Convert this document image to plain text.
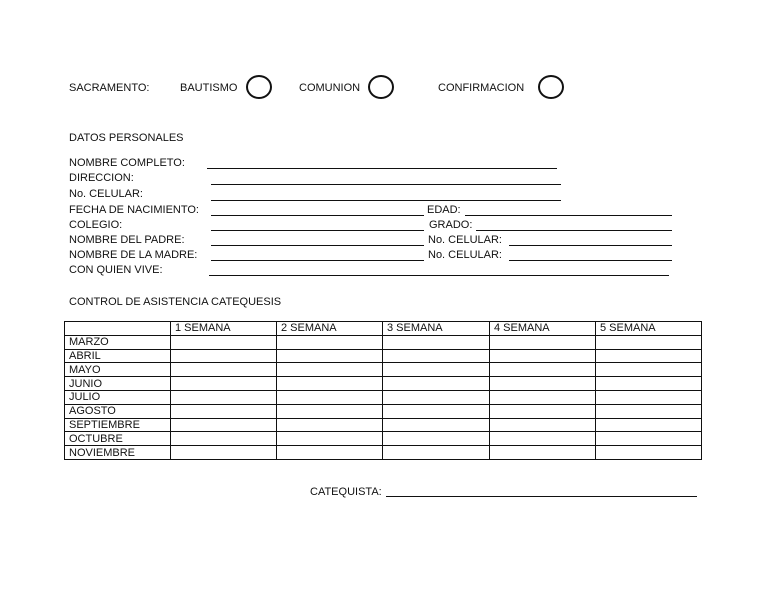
SACRAMENTO:	BAUTISMO	COMUNION	CONFIRMACION
DATOS PERSONALES
NOMBRE COMPLETO:
DIRECCION:
No. CELULAR:
FECHA DE NACIMIENTO:	EDAD:
COLEGIO:	GRADO:
NOMBRE DEL PADRE:	No. CELULAR:
NOMBRE DE LA MADRE:	No. CELULAR:
CON QUIEN VIVE:
CONTROL DE ASISTENCIA CATEQUESIS
	1 SEMANA	2 SEMANA	3 SEMANA	4 SEMANA	5 SEMANA
MARZO					
ABRIL					
MAYO					
JUNIO					
JULIO					
AGOSTO					
SEPTIEMBRE					
OCTUBRE					
NOVIEMBRE					
CATEQUISTA:
